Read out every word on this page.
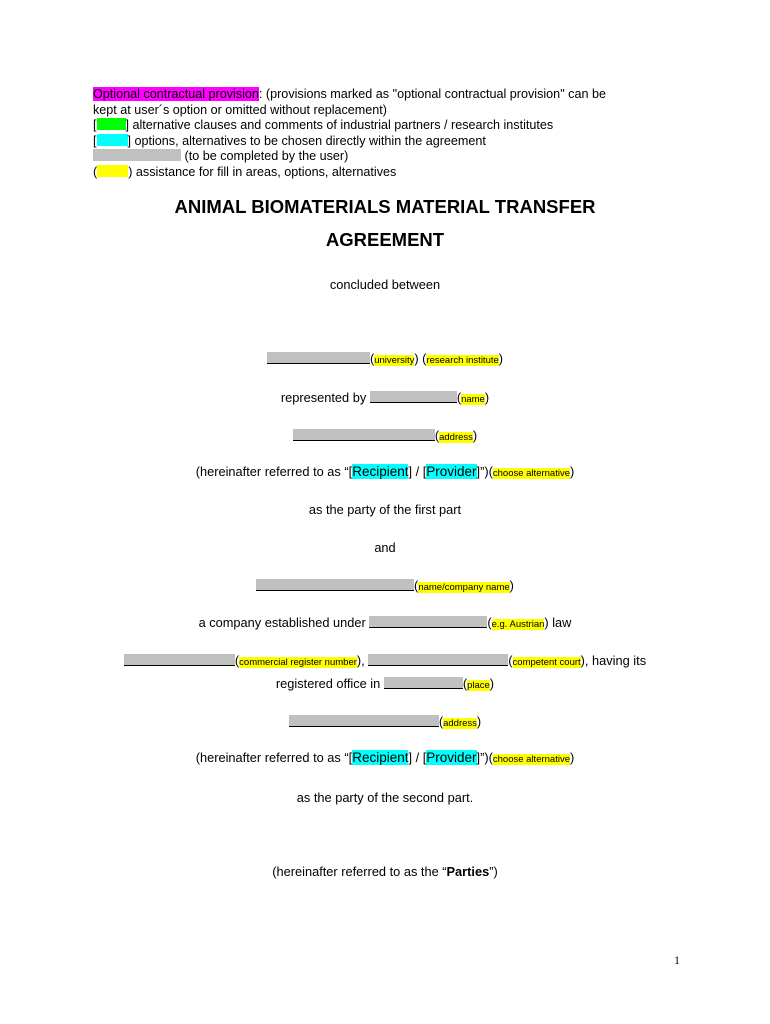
Optional contractual provision: (provisions marked as "optional contractual provision" can be
kept at user´s option or omitted without replacement)
[ ] alternative clauses and comments of industrial partners / research institutes
[ ] options, alternatives to be chosen directly within the agreement
(to be completed by the user)
( ) assistance for fill in areas, options, alternatives
ANIMAL BIOMATERIALS MATERIAL TRANSFER
AGREEMENT
concluded between
(university) (research institute)
represented by	(name)
(address)
(hereinafter referred to as “[Recipient] / [Provider]”)(choose alternative)
as the party of the first part
and
(name/company name)
a company established under	(e.g. Austrian) law
(commercial register number),	(competent court), having its
registered office in	(place)
(address)
(hereinafter referred to as “[Recipient] / [Provider]”)(choose alternative)
as the party of the second part.
(hereinafter referred to as the “Parties”)
1
